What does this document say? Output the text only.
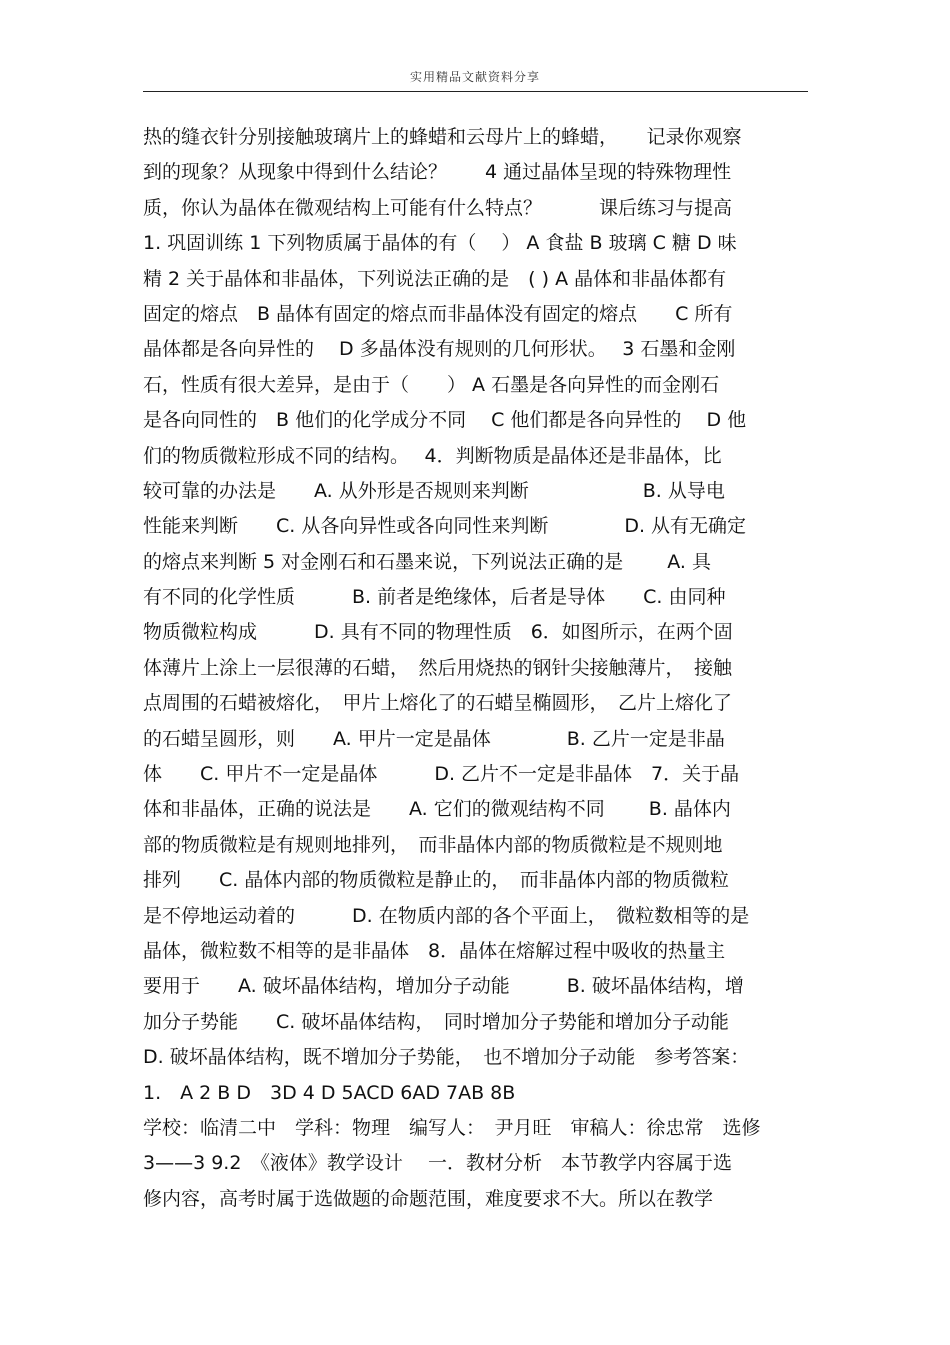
实用精品文献资料分享
热的缝衣针分别接触玻璃片上的蜂蜡和云母片上的蜂蜡，　　记录你观察
到的现象？从现象中得到什么结论？　　4 通过晶体呈现的特殊物理性
质，你认为晶体在微观结构上可能有什么特点？　　　课后练习与提高
1. 巩固训练 1 下列物质属于晶体的有（　 ） A 食盐 B 玻璃 C 糖 D 味
精 2 关于晶体和非晶体，下列说法正确的是　( ) A 晶体和非晶体都有
固定的熔点　B 晶体有固定的熔点而非晶体没有固定的熔点　　C 所有
晶体都是各向异性的　 D 多晶体没有规则的几何形状。　 3 石墨和金刚
石，性质有很大差异，是由于（　　） A 石墨是各向异性的而金刚石
是各向同性的　B 他们的化学成分不同　 C 他们都是各向异性的　 D 他
们的物质微粒形成不同的结构。　 4．判断物质是晶体还是非晶体，比
较可靠的办法是　　A. 从外形是否规则来判断　　　　　　B. 从导电
性能来判断　　C. 从各向异性或各向同性来判断　　　　D. 从有无确定
的熔点来判断 5 对金刚石和石墨来说，下列说法正确的是　　 A. 具
有不同的化学性质　　　B. 前者是绝缘体，后者是导体　　C. 由同种
物质微粒构成　　　D. 具有不同的物理性质　6．如图所示，在两个固
体薄片上涂上一层很薄的石蜡，　然后用烧热的钢针尖接触薄片，　接触
点周围的石蜡被熔化，　甲片上熔化了的石蜡呈椭圆形，　乙片上熔化了
的石蜡呈圆形，则　　A. 甲片一定是晶体　　　　B. 乙片一定是非晶
体　　C. 甲片不一定是晶体　　　D. 乙片不一定是非晶体　7．关于晶
体和非晶体，正确的说法是　　A. 它们的微观结构不同　　 B. 晶体内
部的物质微粒是有规则地排列，　而非晶体内部的物质微粒是不规则地
排列　　C. 晶体内部的物质微粒是静止的，　而非晶体内部的物质微粒
是不停地运动着的　　　D. 在物质内部的各个平面上，　微粒数相等的是
晶体，微粒数不相等的是非晶体　8．晶体在熔解过程中吸收的热量主
要用于　　A. 破坏晶体结构，增加分子动能　　　B. 破坏晶体结构，增
加分子势能　　C. 破坏晶体结构，　同时增加分子势能和增加分子动能
D. 破坏晶体结构，既不增加分子势能，　也不增加分子动能　参考答案：
1.　A 2 B D　3D 4 D 5ACD 6AD 7AB 8B
学校：临清二中　学科：物理　编写人：　尹月旺　审稿人：徐忠常　选修
3——3 9.2　《液体》教学设计　 一．教材分析　本节教学内容属于选
修内容，高考时属于选做题的命题范围，难度要求不大。所以在教学
